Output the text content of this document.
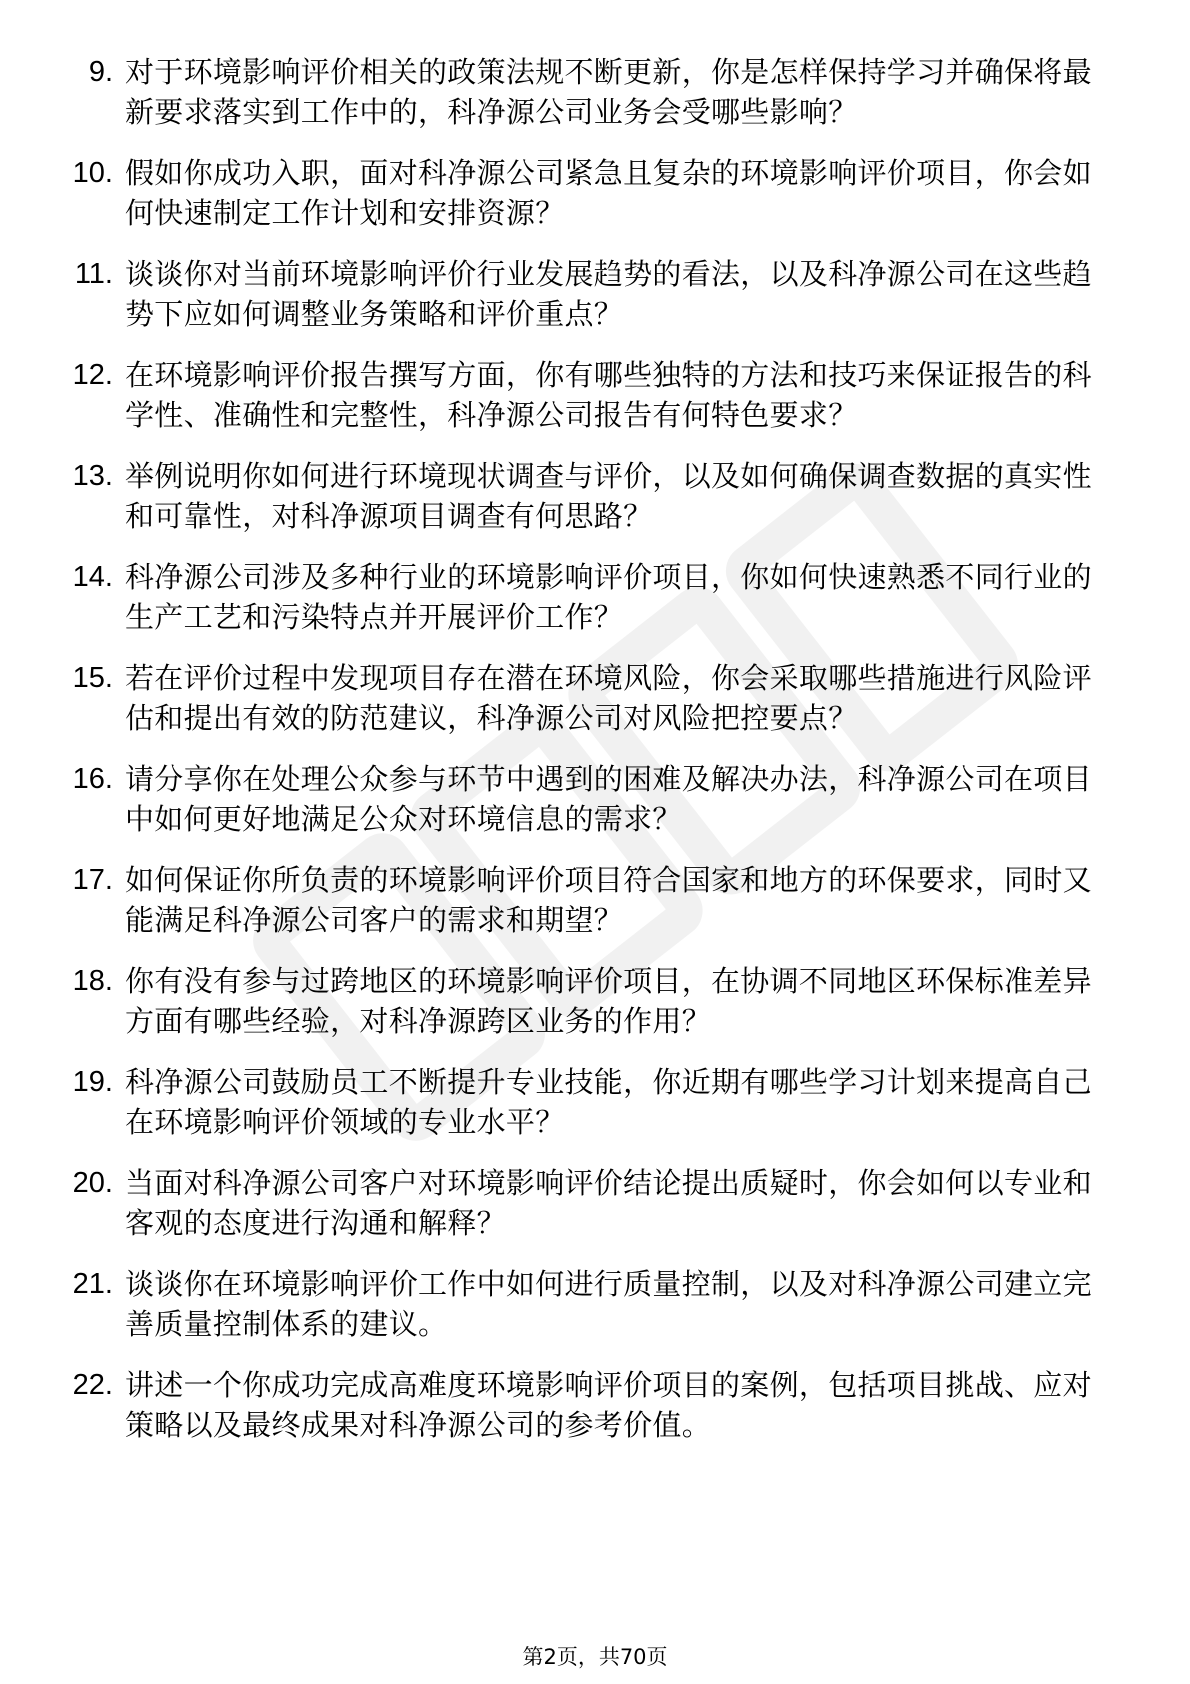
9. 对于环境影响评价相关的政策法规不断更新，你是怎样保持学习并确保将最新要求落实到工作中的，科净源公司业务会受哪些影响？
10. 假如你成功入职，面对科净源公司紧急且复杂的环境影响评价项目，你会如何快速制定工作计划和安排资源？
11. 谈谈你对当前环境影响评价行业发展趋势的看法，以及科净源公司在这些趋势下应如何调整业务策略和评价重点？
12. 在环境影响评价报告撰写方面，你有哪些独特的方法和技巧来保证报告的科学性、准确性和完整性，科净源公司报告有何特色要求？
13. 举例说明你如何进行环境现状调查与评价，以及如何确保调查数据的真实性和可靠性，对科净源项目调查有何思路？
14. 科净源公司涉及多种行业的环境影响评价项目，你如何快速熟悉不同行业的生产工艺和污染特点并开展评价工作？
15. 若在评价过程中发现项目存在潜在环境风险，你会采取哪些措施进行风险评估和提出有效的防范建议，科净源公司对风险把控要点？
16. 请分享你在处理公众参与环节中遇到的困难及解决办法，科净源公司在项目中如何更好地满足公众对环境信息的需求？
17. 如何保证你所负责的环境影响评价项目符合国家和地方的环保要求，同时又能满足科净源公司客户的需求和期望？
18. 你有没有参与过跨地区的环境影响评价项目，在协调不同地区环保标准差异方面有哪些经验，对科净源跨区业务的作用？
19. 科净源公司鼓励员工不断提升专业技能，你近期有哪些学习计划来提高自己在环境影响评价领域的专业水平？
20. 当面对科净源公司客户对环境影响评价结论提出质疑时，你会如何以专业和客观的态度进行沟通和解释？
21. 谈谈你在环境影响评价工作中如何进行质量控制，以及对科净源公司建立完善质量控制体系的建议。
22. 讲述一个你成功完成高难度环境影响评价项目的案例，包括项目挑战、应对策略以及最终成果对科净源公司的参考价值。
第2页，共70页
